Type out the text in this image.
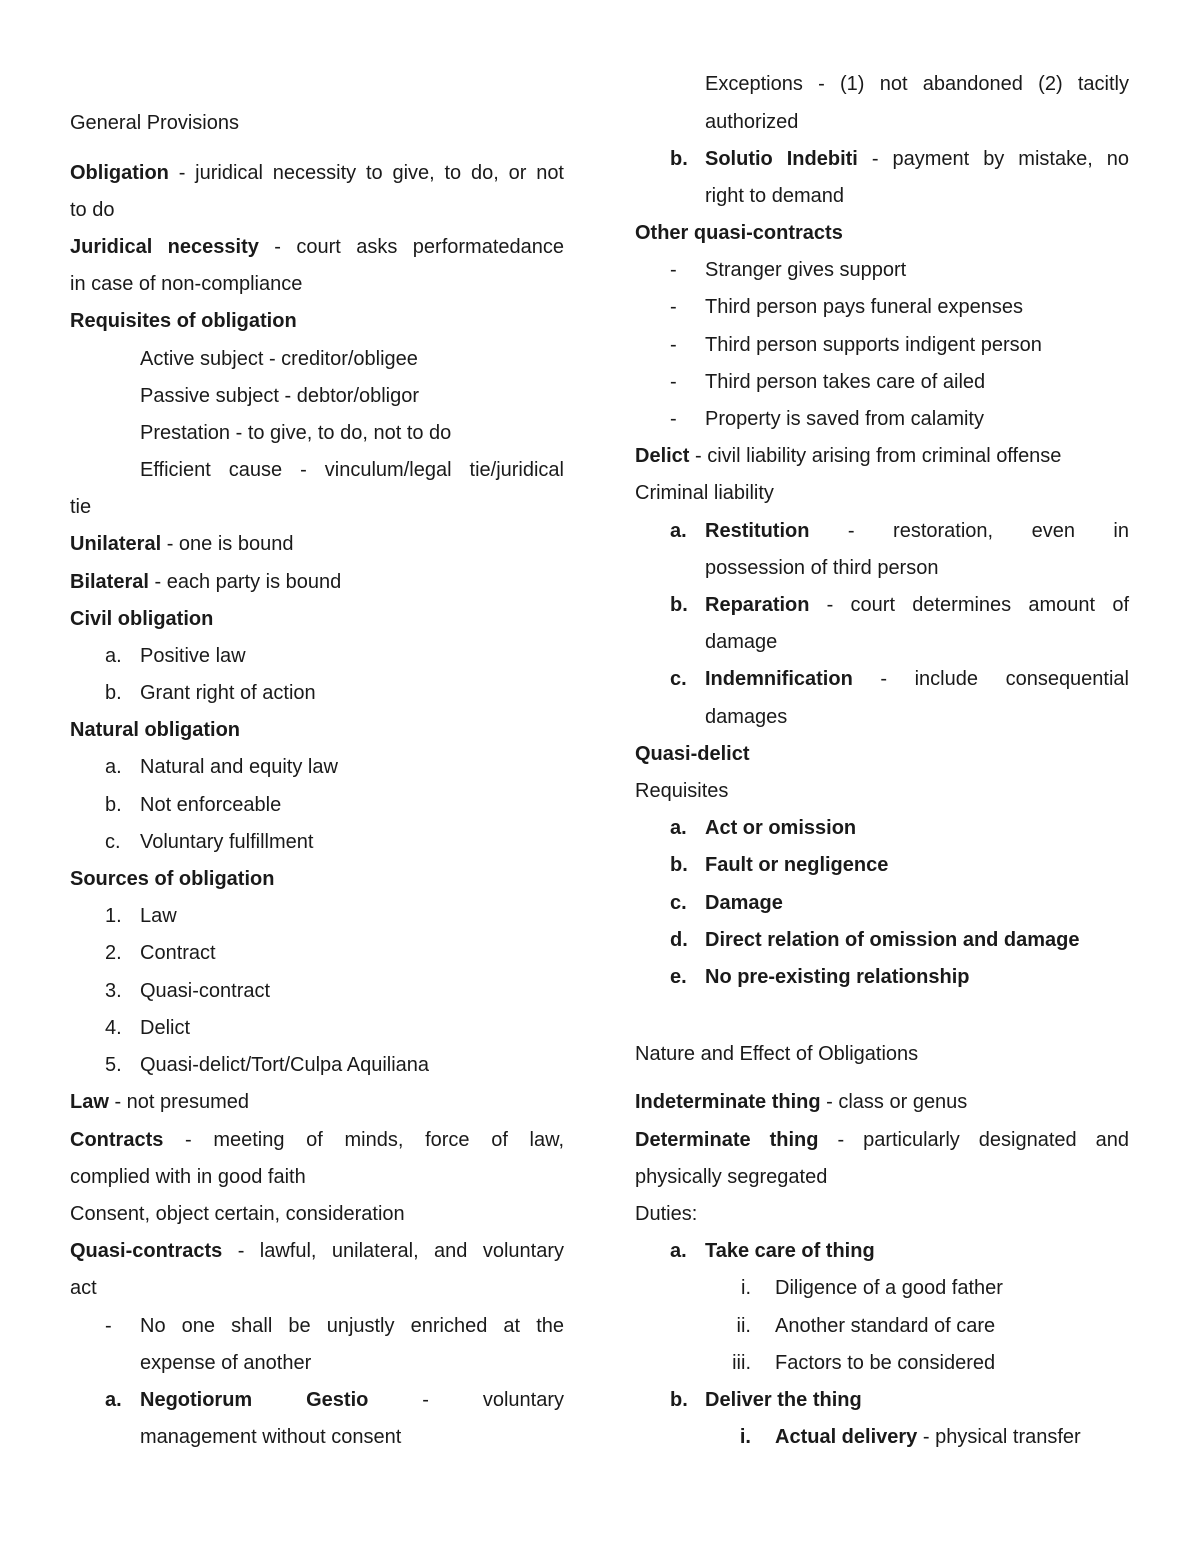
General Provisions
Obligation - juridical necessity to give, to do, or not
to do
Juridical necessity - court asks performatedance
in case of non-compliance
Requisites of obligation
Active subject - creditor/obligee
Passive subject - debtor/obligor
Prestation - to give, to do, not to do
Efficient cause - vinculum/legal tie/juridical
tie
Unilateral - one is bound
Bilateral - each party is bound
Civil obligation
a. Positive law
b. Grant right of action
Natural obligation
a. Natural and equity law
b. Not enforceable
c. Voluntary fulfillment
Sources of obligation
1. Law
2. Contract
3. Quasi-contract
4. Delict
5. Quasi-delict/Tort/Culpa Aquiliana
Law - not presumed
Contracts - meeting of minds, force of law,
complied with in good faith
Consent, object certain, consideration
Quasi-contracts - lawful, unilateral, and voluntary
act
-	No one shall be unjustly enriched at the
expense of another
a. Negotiorum Gestio - voluntary
management without consent
Exceptions - (1) not abandoned (2) tacitly
authorized
b. Solutio Indebiti - payment by mistake, no
right to demand
Other quasi-contracts
-	Stranger gives support
-	Third person pays funeral expenses
-	Third person supports indigent person
-	Third person takes care of ailed
-	Property is saved from calamity
Delict - civil liability arising from criminal offense
Criminal liability
a. Restitution - restoration, even in
possession of third person
b. Reparation - court determines amount of
damage
c. Indemnification - include consequential
damages
Quasi-delict
Requisites
a. Act or omission
b. Fault or negligence
c. Damage
d. Direct relation of omission and damage
e. No pre-existing relationship
Nature and Effect of Obligations
Indeterminate thing - class or genus
Determinate thing - particularly designated and
physically segregated
Duties:
a. Take care of thing
i. Diligence of a good father
ii. Another standard of care
iii. Factors to be considered
b. Deliver the thing
i. Actual delivery - physical transfer
